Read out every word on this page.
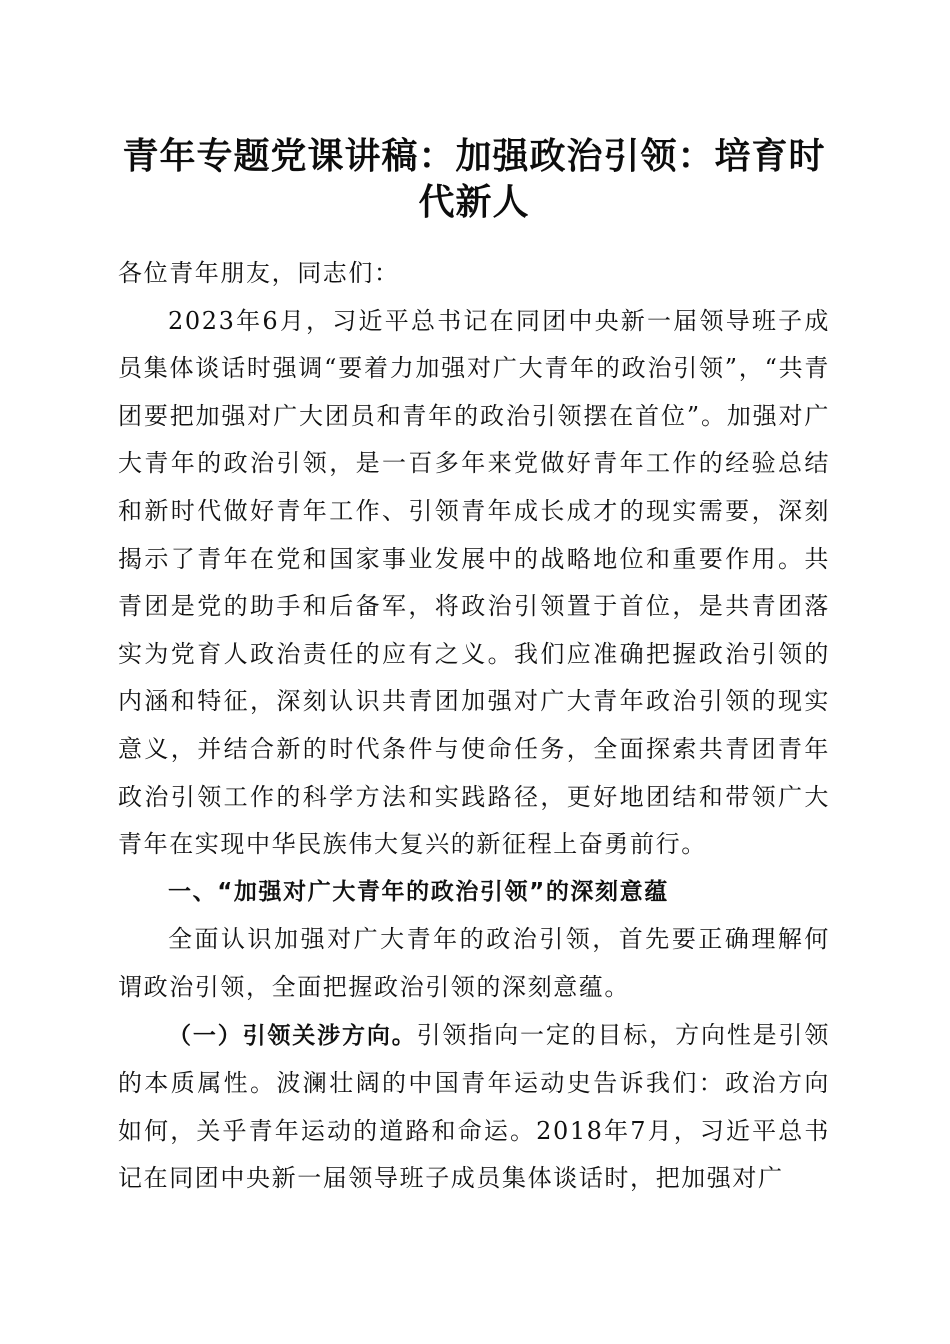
青年专题党课讲稿：加强政治引领：培育时代新人

各位青年朋友，同志们：

2023年6月，习近平总书记在同团中央新一届领导班子成员集体谈话时强调“要着力加强对广大青年的政治引领”，“共青团要把加强对广大团员和青年的政治引领摆在首位”。加强对广大青年的政治引领，是一百多年来党做好青年工作的经验总结和新时代做好青年工作、引领青年成长成才的现实需要，深刻揭示了青年在党和国家事业发展中的战略地位和重要作用。共青团是党的助手和后备军，将政治引领置于首位，是共青团落实为党育人政治责任的应有之义。我们应准确把握政治引领的内涵和特征，深刻认识共青团加强对广大青年政治引领的现实意义，并结合新的时代条件与使命任务，全面探索共青团青年政治引领工作的科学方法和实践路径，更好地团结和带领广大青年在实现中华民族伟大复兴的新征程上奋勇前行。

一、“加强对广大青年的政治引领”的深刻意蕴

全面认识加强对广大青年的政治引领，首先要正确理解何谓政治引领，全面把握政治引领的深刻意蕴。

（一）引领关涉方向。引领指向一定的目标，方向性是引领的本质属性。波澜壮阔的中国青年运动史告诉我们：政治方向如何，关乎青年运动的道路和命运。2018年7月，习近平总书记在同团中央新一届领导班子成员集体谈话时，把加强对广
